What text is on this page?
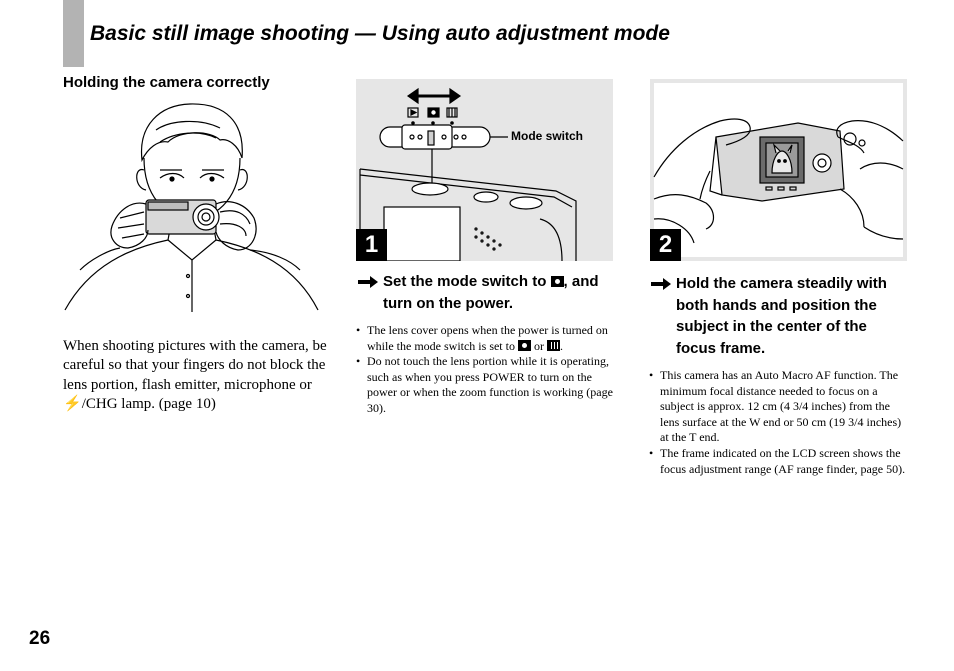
Basic still image shooting — Using auto adjustment mode
Holding the camera correctly

When shooting pictures with the camera, be careful so that your fingers do not block the lens portion, flash emitter, microphone or ⚡/CHG lamp. (page 10)

Mode switch
1	2
Set the mode switch to , and turn on the power.
• The lens cover opens when the power is turned on while the mode switch is set to  or .
• Do not touch the lens portion while it is operating, such as when you press POWER to turn on the power or when the zoom function is working (page 30).
Hold the camera steadily with both hands and position the subject in the center of the focus frame.
• This camera has an Auto Macro AF function. The minimum focal distance needed to focus on a subject is approx. 12 cm (4 3/4 inches) from the lens surface at the W end or 50 cm (19 3/4 inches) at the T end.
• The frame indicated on the LCD screen shows the focus adjustment range (AF range finder, page 50).
26
